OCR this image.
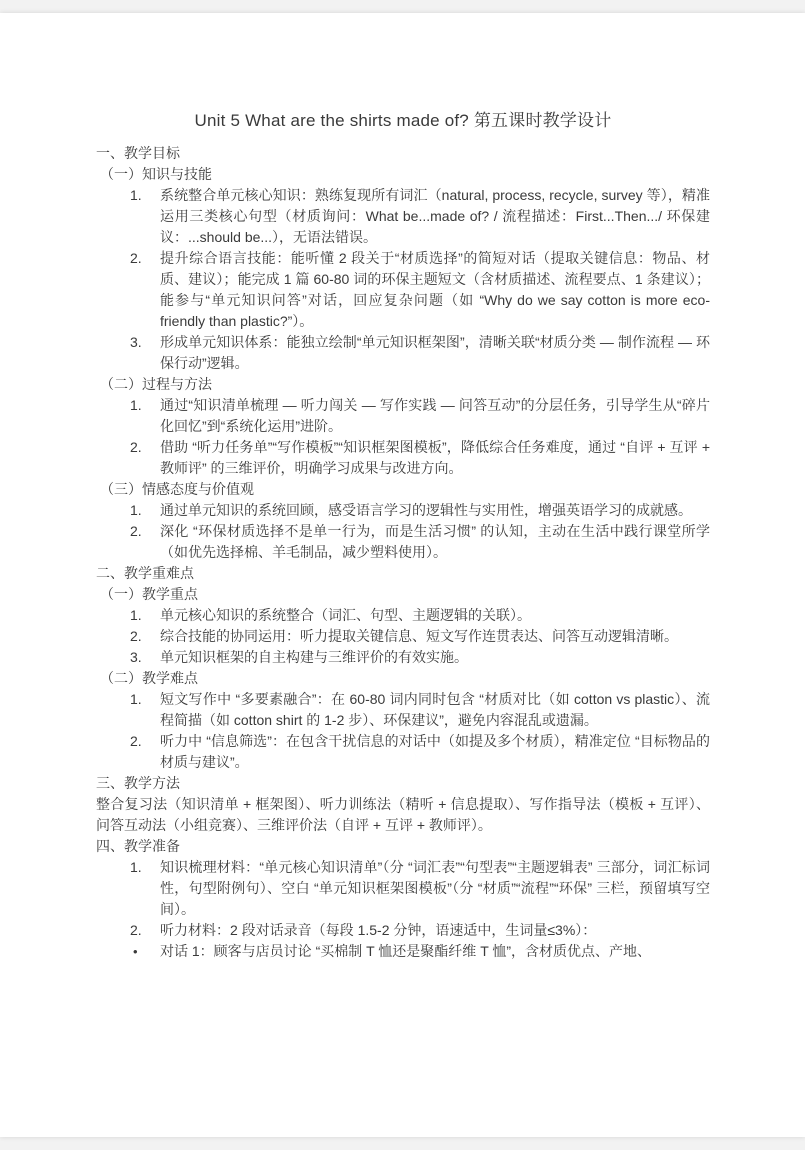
Unit 5 What are the shirts made of? 第五课时教学设计
一、教学目标
（一）知识与技能
1. 系统整合单元核心知识：熟练复现所有词汇（natural, process, recycle, survey 等），精准运用三类核心句型（材质询问：What be...made of? / 流程描述：First...Then.../ 环保建议：...should be...），无语法错误。
2. 提升综合语言技能：能听懂 2 段关于“材质选择”的简短对话（提取关键信息：物品、材质、建议）；能完成 1 篇 60-80 词的环保主题短文（含材质描述、流程要点、1 条建议）；能参与“单元知识问答”对话，回应复杂问题（如 “Why do we say cotton is more eco-friendly than plastic?”）。
3. 形成单元知识体系：能独立绘制“单元知识框架图”，清晰关联“材质分类 — 制作流程 — 环保行动”逻辑。
（二）过程与方法
1. 通过“知识清单梳理 — 听力闯关 — 写作实践 — 问答互动”的分层任务，引导学生从“碎片化回忆”到“系统化运用”进阶。
2. 借助 “听力任务单”“写作模板”“知识框架图模板”，降低综合任务难度，通过 “自评 + 互评 + 教师评” 的三维评价，明确学习成果与改进方向。
（三）情感态度与价值观
1. 通过单元知识的系统回顾，感受语言学习的逻辑性与实用性，增强英语学习的成就感。
2. 深化 “环保材质选择不是单一行为，而是生活习惯” 的认知，主动在生活中践行课堂所学（如优先选择棉、羊毛制品，减少塑料使用）。
二、教学重难点
（一）教学重点
1. 单元核心知识的系统整合（词汇、句型、主题逻辑的关联）。
2. 综合技能的协同运用：听力提取关键信息、短文写作连贯表达、问答互动逻辑清晰。
3. 单元知识框架的自主构建与三维评价的有效实施。
（二）教学难点
1. 短文写作中 “多要素融合”：在 60-80 词内同时包含 “材质对比（如 cotton vs plastic）、流程简描（如 cotton shirt 的 1-2 步）、环保建议”，避免内容混乱或遗漏。
2. 听力中 “信息筛选”：在包含干扰信息的对话中（如提及多个材质），精准定位 “目标物品的材质与建议”。
三、教学方法
整合复习法（知识清单 + 框架图）、听力训练法（精听 + 信息提取）、写作指导法（模板 + 互评）、问答互动法（小组竞赛）、三维评价法（自评 + 互评 + 教师评）。
四、教学准备
1. 知识梳理材料：“单元核心知识清单”（分 “词汇表”“句型表”“主题逻辑表” 三部分，词汇标词性，句型附例句）、空白 “单元知识框架图模板”（分 “材质”“流程”“环保” 三栏，预留填写空间）。
2. 听力材料：2 段对话录音（每段 1.5-2 分钟，语速适中，生词量≤3%）：
• 对话 1：顾客与店员讨论 “买棉制 T 恤还是聚酯纤维 T 恤”，含材质优点、产地、
